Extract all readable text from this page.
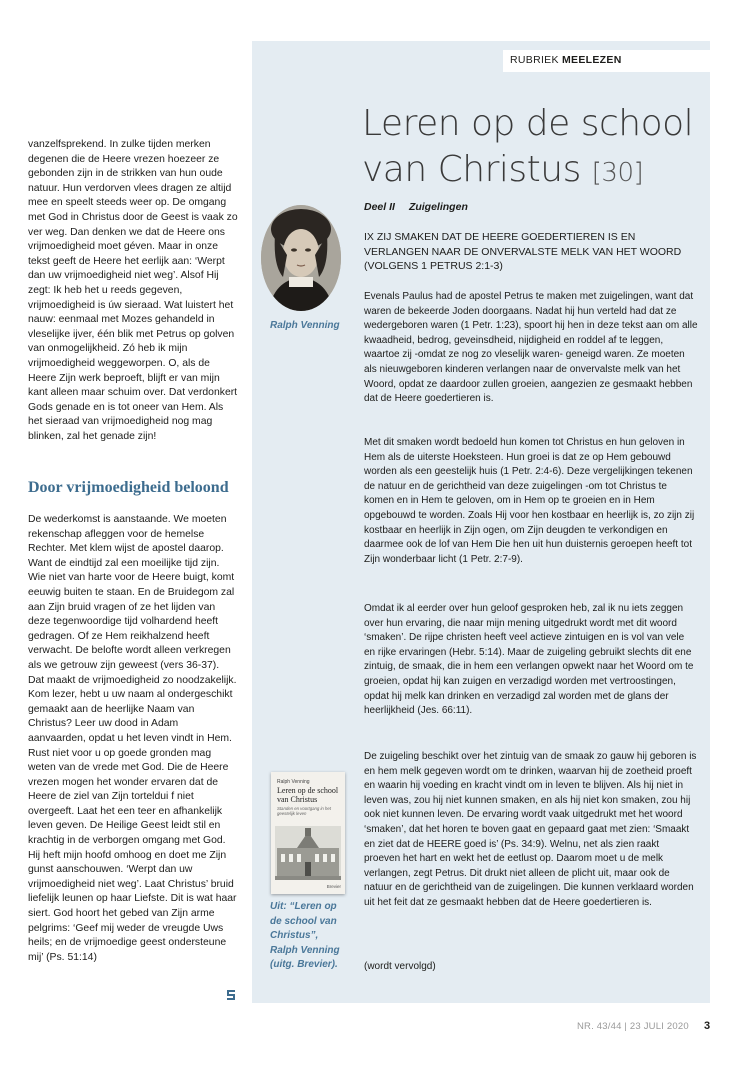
RUBRIEK MEELEZEN
Leren op de school
van Christus [30]
Deel II Zuigelingen
IX ZIJ SMAKEN DAT DE HEERE GOEDERTIEREN IS EN VERLANGEN NAAR DE ONVERVALSTE MELK VAN HET WOORD (VOLGENS 1 PETRUS 2:1-3)

Evenals Paulus had de apostel Petrus te maken met zuigelingen, want dat waren de bekeerde Joden doorgaans. Nadat hij hun verteld had dat ze wedergeboren waren (1 Petr. 1:23), spoort hij hen in deze tekst aan om alle kwaadheid, bedrog, geveinsdheid, nijdigheid en roddel af te leggen, waartoe zij -omdat ze nog zo vleselijk waren- geneigd waren. Ze moeten als nieuwgeboren kinderen verlangen naar de onvervalste melk van het Woord, opdat ze daardoor zullen groeien, aangezien ze gesmaakt hebben dat de Heere goedertieren is.

Met dit smaken wordt bedoeld hun komen tot Christus en hun geloven in Hem als de uiterste Hoeksteen. Hun groei is dat ze op Hem gebouwd worden als een geestelijk huis (1 Petr. 2:4-6). Deze vergelijkingen tekenen de natuur en de gerichtheid van deze zuigelingen -om tot Christus te komen en in Hem te geloven, om in Hem op te groeien en in Hem opgebouwd te worden. Zoals Hij voor hen kostbaar en heerlijk is, zo zijn zij kostbaar en heerlijk in Zijn ogen, om Zijn deugden te verkondigen en daarmee ook de lof van Hem Die hen uit hun duisternis geroepen heeft tot Zijn wonderbaar licht (1 Petr. 2:7-9).

Omdat ik al eerder over hun geloof gesproken heb, zal ik nu iets zeggen over hun ervaring, die naar mijn mening uitgedrukt wordt met dit woord ‘smaken’. De rijpe christen heeft veel actieve zintuigen en is vol van vele en rijke ervaringen (Hebr. 5:14). Maar de zuigeling gebruikt slechts dit ene zintuig, de smaak, die in hem een verlangen opwekt naar het Woord om te groeien, opdat hij kan zuigen en verzadigd worden met vertroostingen, opdat hij melk kan drinken en verzadigd zal worden met de glans der heerlijkheid (Jes. 66:11).

De zuigeling beschikt over het zintuig van de smaak zo gauw hij geboren is en hem melk gegeven wordt om te drinken, waarvan hij de zoetheid proeft en waarin hij voeding en kracht vindt om in leven te blijven. Als hij niet in leven was, zou hij niet kunnen smaken, en als hij niet kon smaken, zou hij ook niet kunnen leven. De ervaring wordt vaak uitgedrukt met het woord ‘smaken’, dat het horen te boven gaat en gepaard gaat met zien: ‘Smaakt en ziet dat de HEERE goed is’ (Ps. 34:9). Welnu, net als zien raakt proeven het hart en wekt het de eetlust op. Daarom moet u de melk verlangen, zegt Petrus. Dit drukt niet alleen de plicht uit, maar ook de natuur en de gerichtheid van de zuigelingen. Die kunnen verklaard worden uit het feit dat ze gesmaakt hebben dat de Heere goedertieren is.

(wordt vervolgd)

vanzelfsprekend. In zulke tijden merken degenen die de Heere vrezen hoezeer ze gebonden zijn in de strikken van hun oude natuur. Hun verdorven vlees dragen ze altijd mee en speelt steeds weer op. De omgang met God in Christus door de Geest is vaak zo ver weg. Dan denken we dat de Heere ons vrijmoedigheid moet géven. Maar in onze tekst geeft de Heere het eerlijk aan: ‘Werpt dan uw vrijmoedigheid niet weg’. Alsof Hij zegt: Ik heb het u reeds gegeven, vrijmoedigheid is úw sieraad. Wat luistert het nauw: eenmaal met Mozes gehandeld in vleselijke ijver, één blik met Petrus op golven van onmogelijkheid. Zó heb ik mijn vrijmoedigheid weggeworpen. O, als de Heere Zijn werk beproeft, blijft er van mijn kant alleen maar schuim over. Dat verdonkert Gods genade en is tot oneer van Hem. Als het sieraad van vrijmoedigheid nog mag blinken, zal het genade zijn!

Door vrijmoedigheid beloond

De wederkomst is aanstaande. We moeten rekenschap afleggen voor de hemelse Rechter. Met klem wijst de apostel daarop. Want de eindtijd zal een moeilijke tijd zijn. Wie niet van harte voor de Heere buigt, komt eeuwig buiten te staan. En de Bruidegom zal aan Zijn bruid vragen of ze het lijden van deze tegenwoordige tijd volhardend heeft gedragen. Of ze Hem reikhalzend heeft verwacht. De belofte wordt alleen verkregen als we getrouw zijn geweest (vers 36-37). Dat maakt de vrijmoedigheid zo noodzakelijk. Kom lezer, hebt u uw naam al ondergeschikt gemaakt aan de heerlijke Naam van Christus? Leer uw dood in Adam aanvaarden, opdat u het leven vindt in Hem. Rust niet voor u op goede gronden mag weten van de vrede met God. Die de Heere vrezen mogen het wonder ervaren dat de Heere de ziel van Zijn torteldui f niet overgeeft. Laat het een teer en afhankelijk leven geven. De Heilige Geest leidt stil en krachtig in de verborgen omgang met God. Hij heft mijn hoofd omhoog en doet me Zijn gunst aanschouwen. ‘Werpt dan uw vrijmoedigheid niet weg’. Laat Christus’ bruid liefelijk leunen op haar Liefste. Dit is wat haar siert. God hoort het gebed van Zijn arme pelgrims: ‘Geef mij weder de vreugde Uws heils; en de vrijmoedige geest ondersteune mij’ (Ps. 51:14)

Ralph Venning
Ralph Venning
Leren op de school van Christus
Standen en voortgang in het geestelijk leven
Brevier
Uit: “Leren op
de school van
Christus”,
Ralph Venning
(uitg. Brevier).
NR. 43/44 | 23 JULI 2020 3
